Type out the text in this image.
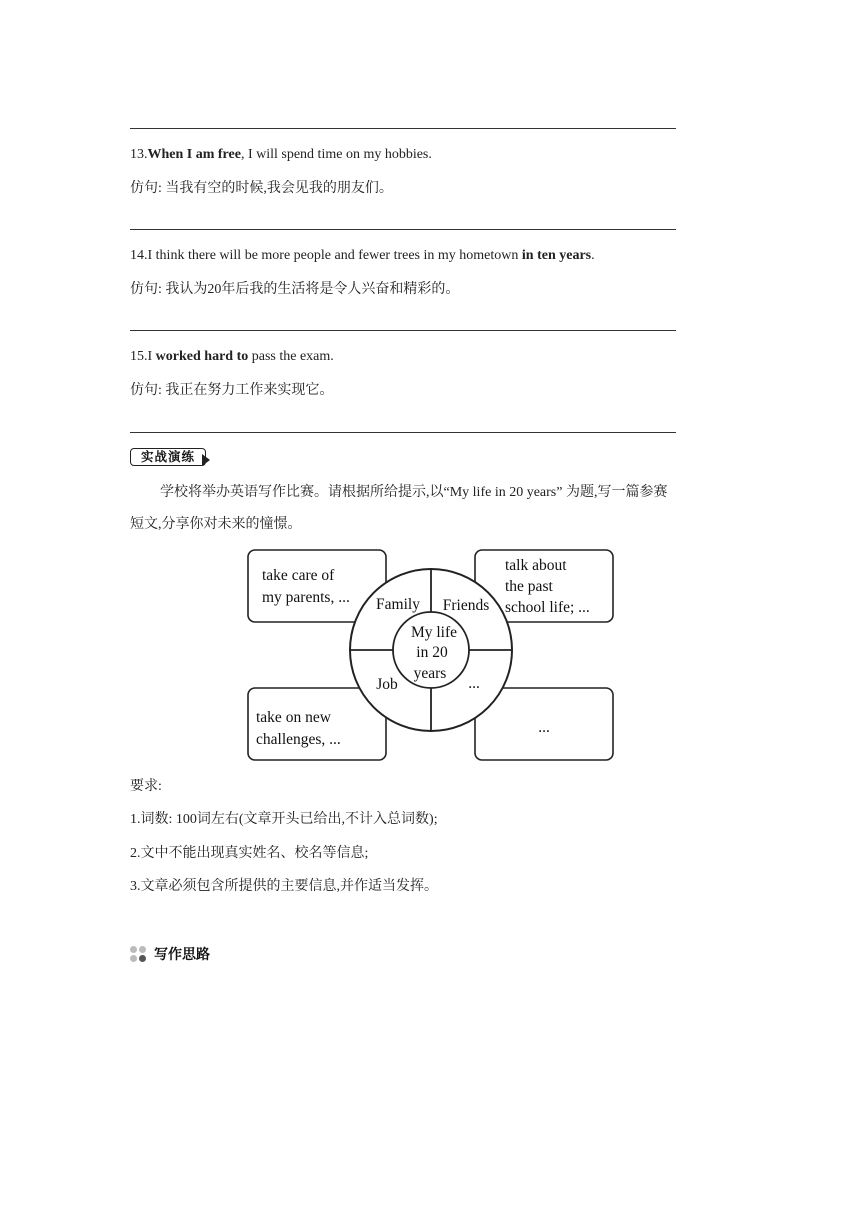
13.When I am free, I will spend time on my hobbies.
仿句: 当我有空的时候,我会见我的朋友们。
14.I think there will be more people and fewer trees in my hometown in ten years.
仿句: 我认为20年后我的生活将是令人兴奋和精彩的。
15.I worked hard to pass the exam.
仿句: 我正在努力工作来实现它。
实战演练
学校将举办英语写作比赛。请根据所给提示,以“My life in 20 years” 为题,写一篇参赛
短文,分享你对未来的憧憬。
Family Friends
Job	...
My life
in 20
years
take care of
my parents, ...
talk about
the past
school life; ...
take on new
challenges, ...
...
要求:
1.词数: 100词左右(文章开头已给出,不计入总词数);
2.文中不能出现真实姓名、校名等信息;
3.文章必须包含所提供的主要信息,并作适当发挥。
写作思路
